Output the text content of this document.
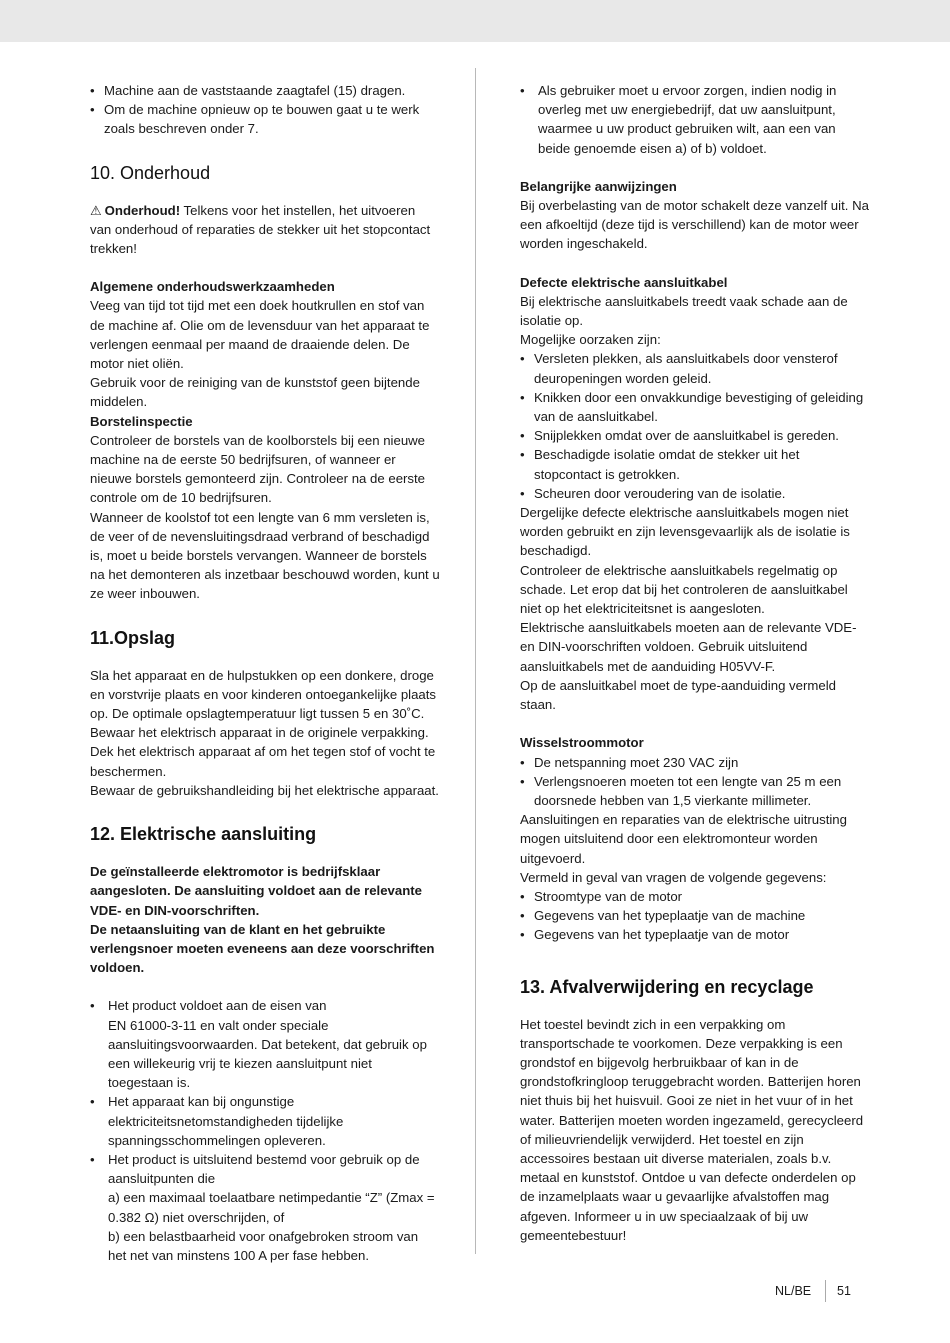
• Machine aan de vaststaande zaagtafel (15) dragen.
• Om de machine opnieuw op te bouwen gaat u te werk zoals beschreven onder 7.
10. Onderhoud

⚠ Onderhoud! Telkens voor het instellen, het uitvoeren van onderhoud of reparaties de stekker uit het stopcontact trekken!

Algemene onderhoudswerkzaamheden

Veeg van tijd tot tijd met een doek houtkrullen en stof van de machine af. Olie om de levensduur van het apparaat te verlengen eenmaal per maand de draaiende delen. De motor niet oliën.

Gebruik voor de reiniging van de kunststof geen bijtende middelen.

Borstelinspectie

Controleer de borstels van de koolborstels bij een nieuwe machine na de eerste 50 bedrijfsuren, of wanneer er nieuwe borstels gemonteerd zijn. Controleer na de eerste controle om de 10 bedrijfsuren.

Wanneer de koolstof tot een lengte van 6 mm versleten is, de veer of de nevensluitingsdraad verbrand of beschadigd is, moet u beide borstels vervangen. Wanneer de borstels na het demonteren als inzetbaar beschouwd worden, kunt u ze weer inbouwen.

11.Opslag

Sla het apparaat en de hulpstukken op een donkere, droge en vorstvrije plaats en voor kinderen ontoegankelijke plaats op. De optimale opslagtemperatuur ligt tussen 5 en 30˚C. Bewaar het elektrisch apparaat in de originele verpakking.

Dek het elektrisch apparaat af om het tegen stof of vocht te beschermen.

Bewaar de gebruikshandleiding bij het elektrische apparaat.

12. Elektrische aansluiting

De geïnstalleerde elektromotor is bedrijfsklaar aangesloten. De aansluiting voldoet aan de relevante VDE- en DIN-voorschriften.

De netaansluiting van de klant en het gebruikte verlengsnoer moeten eveneens aan deze voorschriften voldoen.

• Het product voldoet aan de eisen van
EN 61000-3-11 en valt onder speciale aansluitingsvoorwaarden. Dat betekent, dat gebruik op een willekeurig vrij te kiezen aansluitpunt niet toegestaan is.
• Het apparaat kan bij ongunstige elektriciteitsnetomstandigheden tijdelijke spanningsschommelingen opleveren.
• Het product is uitsluitend bestemd voor gebruik op de aansluitpunten die
a) een maximaal toelaatbare netimpedantie “Z” (Zmax = 0.382 Ω) niet overschrijden, of
b) een belastbaarheid voor onafgebroken stroom van het net van minstens 100 A per fase hebben.
• Als gebruiker moet u ervoor zorgen, indien nodig in overleg met uw energiebedrijf, dat uw aansluitpunt, waarmee u uw product gebruiken wilt, aan een van beide genoemde eisen a) of b) voldoet.

Belangrijke aanwijzingen

Bij overbelasting van de motor schakelt deze vanzelf uit. Na een afkoeltijd (deze tijd is verschillend) kan de motor weer worden ingeschakeld.

Defecte elektrische aansluitkabel

Bij elektrische aansluitkabels treedt vaak schade aan de isolatie op.

Mogelijke oorzaken zijn:

• Versleten plekken, als aansluitkabels door vensterof deuropeningen worden geleid.
• Knikken door een onvakkundige bevestiging of geleiding van de aansluitkabel.
• Snijplekken omdat over de aansluitkabel is gereden.
• Beschadigde isolatie omdat de stekker uit het stopcontact is getrokken.
• Scheuren door veroudering van de isolatie.

Dergelijke defecte elektrische aansluitkabels mogen niet worden gebruikt en zijn levensgevaarlijk als de isolatie is beschadigd.

Controleer de elektrische aansluitkabels regelmatig op schade. Let erop dat bij het controleren de aansluitkabel niet op het elektriciteitsnet is aangesloten.

Elektrische aansluitkabels moeten aan de relevante VDE- en DIN-voorschriften voldoen. Gebruik uitsluitend aansluitkabels met de aanduiding H05VV-F.

Op de aansluitkabel moet de type-aanduiding vermeld staan.

Wisselstroommotor

• De netspanning moet 230 VAC zijn
• Verlengsnoeren moeten tot een lengte van 25 m een doorsnede hebben van 1,5 vierkante millimeter.

Aansluitingen en reparaties van de elektrische uitrusting mogen uitsluitend door een elektromonteur worden uitgevoerd.

Vermeld in geval van vragen de volgende gegevens:

• Stroomtype van de motor
• Gegevens van het typeplaatje van de machine
• Gegevens van het typeplaatje van de motor
13. Afvalverwijdering en recyclage

Het toestel bevindt zich in een verpakking om transportschade te voorkomen. Deze verpakking is een grondstof en bijgevolg herbruikbaar of kan in de grondstofkringloop teruggebracht worden. Batterijen horen niet thuis bij het huisvuil. Gooi ze niet in het vuur of in het water. Batterijen moeten worden ingezameld, gerecycleerd of milieuvriendelijk verwijderd. Het toestel en zijn accessoires bestaan uit diverse materialen, zoals b.v. metaal en kunststof. Ontdoe u van defecte onderdelen op de inzamelplaats waar u gevaarlijke afvalstoffen mag afgeven. Informeer u in uw speciaalzaak of bij uw gemeentebestuur!

NL/BE 51
